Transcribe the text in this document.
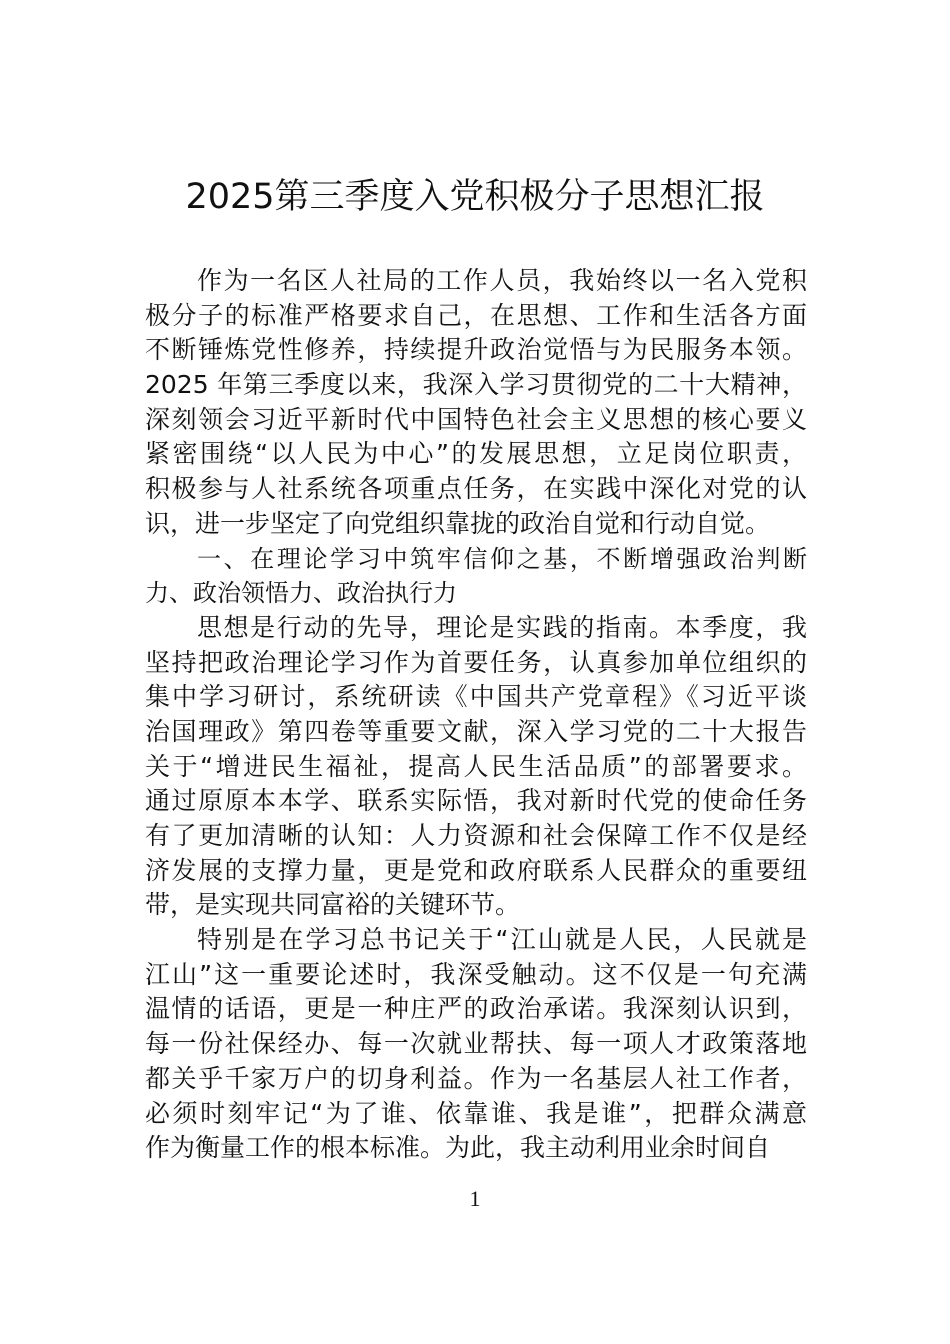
2025第三季度入党积极分子思想汇报
作为一名区人社局的工作人员，我始终以一名入党积
极分子的标准严格要求自己，在思想、工作和生活各方面
不断锤炼党性修养，持续提升政治觉悟与为民服务本领。
2025 年第三季度以来，我深入学习贯彻党的二十大精神，
深刻领会习近平新时代中国特色社会主义思想的核心要义
紧密围绕“以人民为中心”的发展思想，立足岗位职责，
积极参与人社系统各项重点任务，在实践中深化对党的认
识，进一步坚定了向党组织靠拢的政治自觉和行动自觉。
一、在理论学习中筑牢信仰之基，不断增强政治判断
力、政治领悟力、政治执行力
思想是行动的先导，理论是实践的指南。本季度，我
坚持把政治理论学习作为首要任务，认真参加单位组织的
集中学习研讨，系统研读《中国共产党章程》《习近平谈
治国理政》第四卷等重要文献，深入学习党的二十大报告
关于“增进民生福祉，提高人民生活品质”的部署要求。
通过原原本本学、联系实际悟，我对新时代党的使命任务
有了更加清晰的认知：人力资源和社会保障工作不仅是经
济发展的支撑力量，更是党和政府联系人民群众的重要纽
带，是实现共同富裕的关键环节。
特别是在学习总书记关于“江山就是人民，人民就是
江山”这一重要论述时，我深受触动。这不仅是一句充满
温情的话语，更是一种庄严的政治承诺。我深刻认识到，
每一份社保经办、每一次就业帮扶、每一项人才政策落地
都关乎千家万户的切身利益。作为一名基层人社工作者，
必须时刻牢记“为了谁、依靠谁、我是谁”，把群众满意
作为衡量工作的根本标准。为此，我主动利用业余时间自
1
